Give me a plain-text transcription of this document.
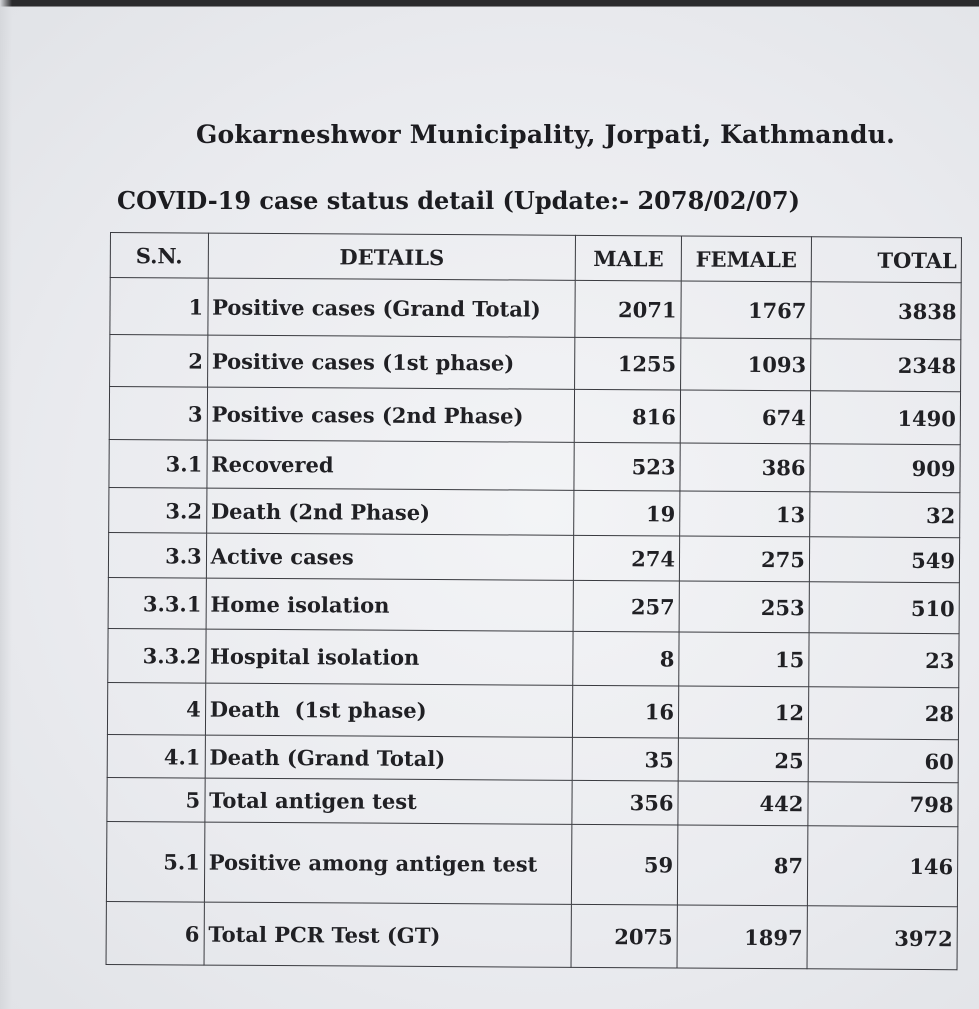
Gokarneshwor Municipality, Jorpati, Kathmandu.
COVID-19 case status detail (Update:- 2078/02/07)
S.N.	DETAILS	MALE	FEMALE	TOTAL
1	Positive cases (Grand Total)	2071	1767	3838
2	Positive cases (1st phase)	1255	1093	2348
3	Positive cases (2nd Phase)	816	674	1490
3.1	Recovered	523	386	909
3.2	Death (2nd Phase)	19	13	32
3.3	Active cases	274	275	549
3.3.1	Home isolation	257	253	510
3.3.2	Hospital isolation	8	15	23
4	Death  (1st phase)	16	12	28
4.1	Death (Grand Total)	35	25	60
5	Total antigen test	356	442	798
5.1	Positive among antigen test	59	87	146
6	Total PCR Test (GT)	2075	1897	3972
